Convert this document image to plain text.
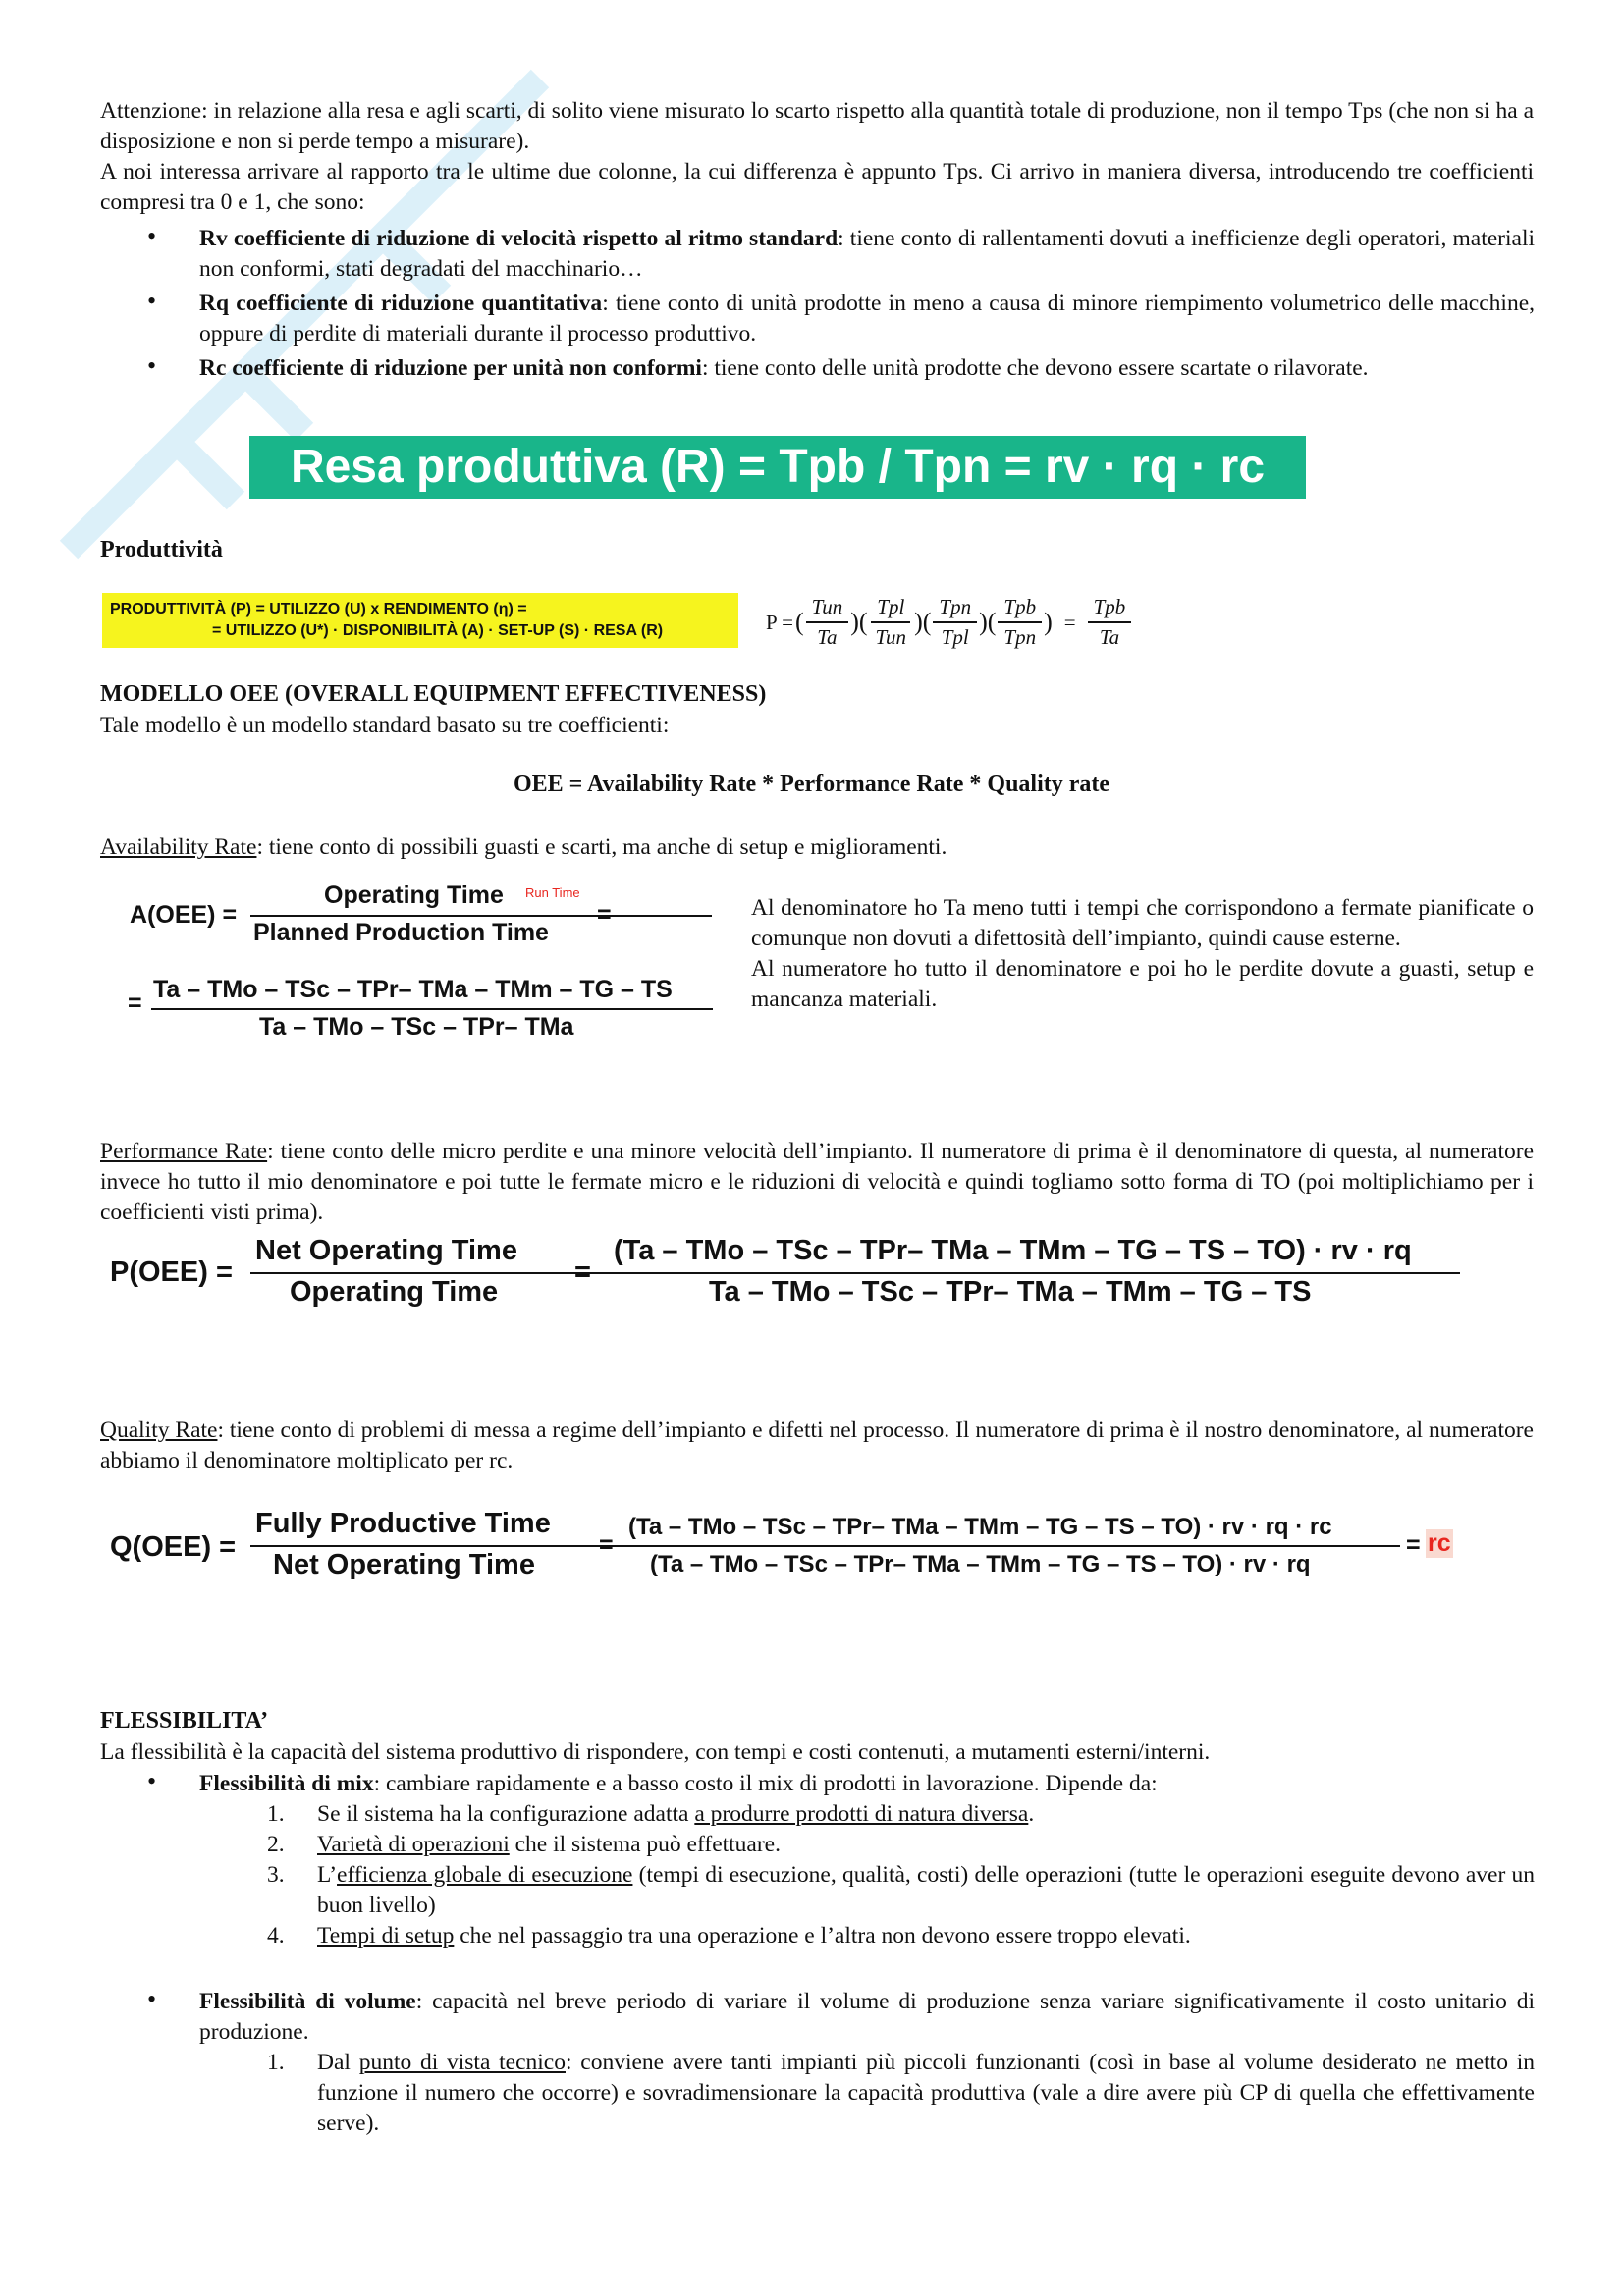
Attenzione: in relazione alla resa e agli scarti, di solito viene misurato lo scarto rispetto alla quantità totale di produzione, non il tempo Tps (che non si ha a disposizione e non si perde tempo a misurare).
A noi interessa arrivare al rapporto tra le ultime due colonne, la cui differenza è appunto Tps. Ci arrivo in maniera diversa, introducendo tre coefficienti compresi tra 0 e 1, che sono:
• Rv coefficiente di riduzione di velocità rispetto al ritmo standard: tiene conto di rallentamenti dovuti a inefficienze degli operatori, materiali non conformi, stati degradati del macchinario…
• Rq coefficiente di riduzione quantitativa: tiene conto di unità prodotte in meno a causa di minore riempimento volumetrico delle macchine, oppure di perdite di materiali durante il processo produttivo.
• Rc coefficiente di riduzione per unità non conformi: tiene conto delle unità prodotte che devono essere scartate o rilavorate.
Resa produttiva (R) = Tpb / Tpn = rv · rq · rc
Produttività
PRODUTTIVITÀ (P) = UTILIZZO (U) x RENDIMENTO (η) =
= UTILIZZO (U*) · DISPONIBILITÀ (A) · SET-UP (S) · RESA (R)	P = ( $\frac{\text{Tun}}{Ta}$ )( $\frac{\text{Tpl}}{\text{Tun}}$ )( $\frac{\text{Tpn}}{\text{Tpl}}$ )( $\frac{\text{Tpb}}{\text{Tpn}}$ ) = $\frac{\text{Tpb}}{Ta}$
MODELLO OEE (OVERALL EQUIPMENT EFFECTIVENESS)
Tale modello è un modello standard basato su tre coefficienti:
OEE = Availability Rate * Performance Rate * Quality rate
Availability Rate: tiene conto di possibili guasti e scarti, ma anche di setup e miglioramenti.
A(OEE) =
Operating Time Run Time
Planned Production Time
=
= Ta – TMo – TSc – TPr– TMa – TMm – TG – TS
Ta – TMo – TSc – TPr– TMa
Al denominatore ho Ta meno tutti i tempi che corrispondono a fermate pianificate o comunque non dovuti a difettosità dell’impianto, quindi cause esterne.
Al numeratore ho tutto il denominatore e poi ho le perdite dovute a guasti, setup e mancanza materiali.
Performance Rate: tiene conto delle micro perdite e una minore velocità dell’impianto. Il numeratore di prima è il denominatore di questa, al numeratore invece ho tutto il mio denominatore e poi tutte le fermate micro e le riduzioni di velocità e quindi togliamo sotto forma di TO (poi moltiplichiamo per i coefficienti visti prima).
P(OEE) =
Net Operating Time
Operating Time
=
(Ta – TMo – TSc – TPr– TMa – TMm – TG – TS – TO) · rv · rq
Ta – TMo – TSc – TPr– TMa – TMm – TG – TS
Quality Rate: tiene conto di problemi di messa a regime dell’impianto e difetti nel processo. Il numeratore di prima è il nostro denominatore, al numeratore abbiamo il denominatore moltiplicato per rc.
Q(OEE) =
Fully Productive Time
Net Operating Time
=
(Ta – TMo – TSc – TPr– TMa – TMm – TG – TS – TO) · rv · rq · rc
(Ta – TMo – TSc – TPr– TMa – TMm – TG – TS – TO) · rv · rq
= rc
FLESSIBILITA’
La flessibilità è la capacità del sistema produttivo di rispondere, con tempi e costi contenuti, a mutamenti esterni/interni.
• Flessibilità di mix: cambiare rapidamente e a basso costo il mix di prodotti in lavorazione. Dipende da:
1. Se il sistema ha la configurazione adatta a produrre prodotti di natura diversa.
2. Varietà di operazioni che il sistema può effettuare.
3. L’efficienza globale di esecuzione (tempi di esecuzione, qualità, costi) delle operazioni (tutte le operazioni eseguite devono aver un buon livello)
4. Tempi di setup che nel passaggio tra una operazione e l’altra non devono essere troppo elevati.
• Flessibilità di volume: capacità nel breve periodo di variare il volume di produzione senza variare significativamente il costo unitario di produzione.
1. Dal punto di vista tecnico: conviene avere tanti impianti più piccoli funzionanti (così in base al volume desiderato ne metto in funzione il numero che occorre) e sovradimensionare la capacità produttiva (vale a dire avere più CP di quella che effettivamente serve).
